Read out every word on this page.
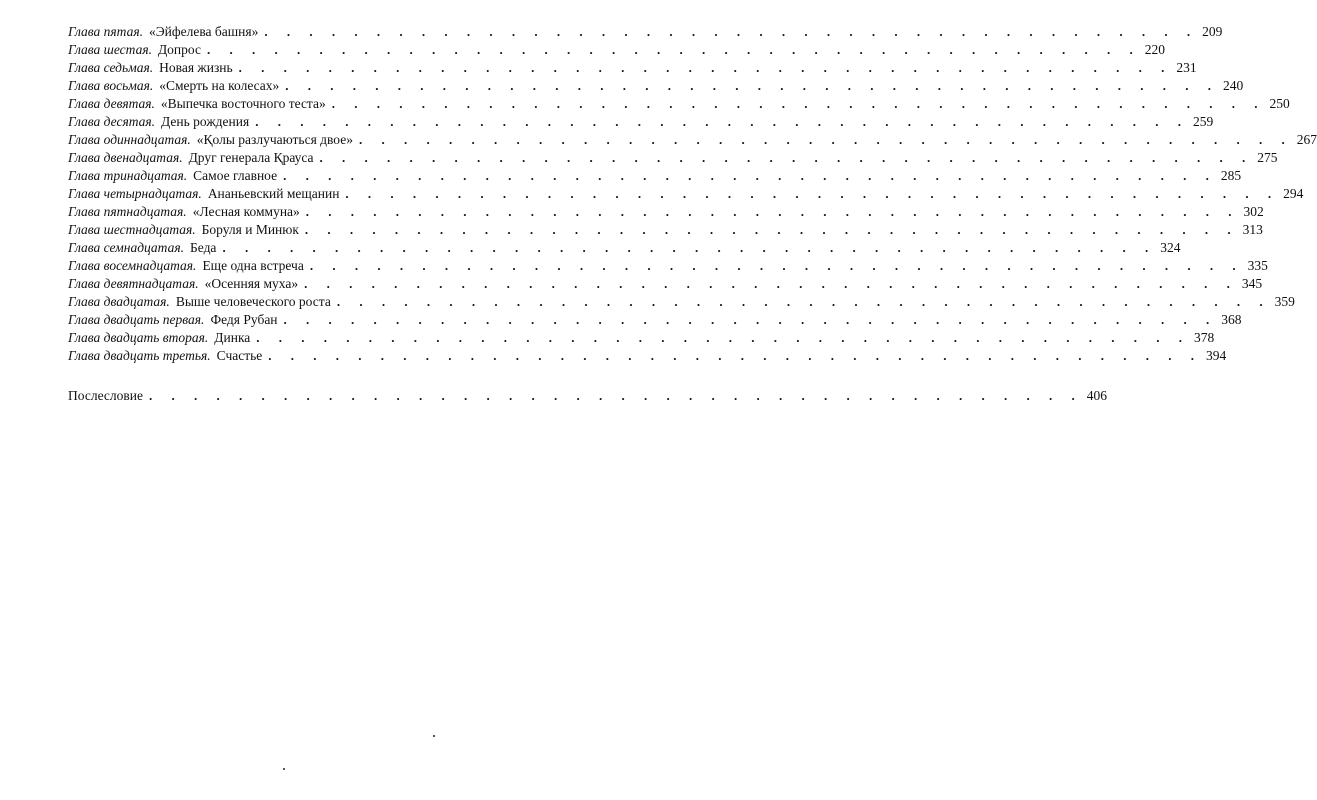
Глава пятая. «Эйфелева башня» . . . . . . . . . . . . . . . . . . . . . . . . . . . . . . . . . . . . . . . . . . 209
Глава шестая. Допрос . . . . . . . . . . . . . . . . . . . . . . . . . . . . . . . . . . . . . . . . . . 220
Глава седьмая. Новая жизнь . . . . . . . . . . . . . . . . . . . . . . . . . . . . . . . . . . . . . . . . . . 231
Глава восьмая. «Смерть на колесах» . . . . . . . . . . . . . . . . . . . . . . . . . . . . . . . . . . . . . . . . . . 240
Глава девятая. «Выпечка восточного теста» . . . . . . . . . . . . . . . . . . . . . . . . . . . . . . . . . . . . . . . . . . 250
Глава десятая. День рождения . . . . . . . . . . . . . . . . . . . . . . . . . . . . . . . . . . . . . . . . . . 259
Глава одиннадцатая. «Қолы разлучаються двое» . . . . . . . . . . . . . . . . . . . . . . . . . . . . . . . . . . . . . . . . . . 267
Глава двенадцатая. Друг генерала Қрауса . . . . . . . . . . . . . . . . . . . . . . . . . . . . . . . . . . . . . . . . . . 275
Глава тринадцатая. Самое главное . . . . . . . . . . . . . . . . . . . . . . . . . . . . . . . . . . . . . . . . . . 285
Глава четырнадцатая. Ананьевский мещанин . . . . . . . . . . . . . . . . . . . . . . . . . . . . . . . . . . . . . . . . . . 294
Глава пятнадцатая. «Лесная коммуна» . . . . . . . . . . . . . . . . . . . . . . . . . . . . . . . . . . . . . . . . . . 302
Глава шестнадцатая. Боруля и Минюк . . . . . . . . . . . . . . . . . . . . . . . . . . . . . . . . . . . . . . . . . . 313
Глава семнадцатая. Беда . . . . . . . . . . . . . . . . . . . . . . . . . . . . . . . . . . . . . . . . . . 324
Глава восемнадцатая. Еще одна встреча . . . . . . . . . . . . . . . . . . . . . . . . . . . . . . . . . . . . . . . . . . 335
Глава девятнадцатая. «Осенняя муха» . . . . . . . . . . . . . . . . . . . . . . . . . . . . . . . . . . . . . . . . . . 345
Глава двадцатая. Выше человеческого роста . . . . . . . . . . . . . . . . . . . . . . . . . . . . . . . . . . . . . . . . . . 359
Глава двадцать первая. Федя Рубан . . . . . . . . . . . . . . . . . . . . . . . . . . . . . . . . . . . . . . . . . . 368
Глава двадцать вторая. Динка . . . . . . . . . . . . . . . . . . . . . . . . . . . . . . . . . . . . . . . . . . 378
Глава двадцать третья. Счастье . . . . . . . . . . . . . . . . . . . . . . . . . . . . . . . . . . . . . . . . . . 394
Послесловие . . . . . . . . . . . . . . . . . . . . . . . . . . . . . . . . . . . . . . . . . . 406
